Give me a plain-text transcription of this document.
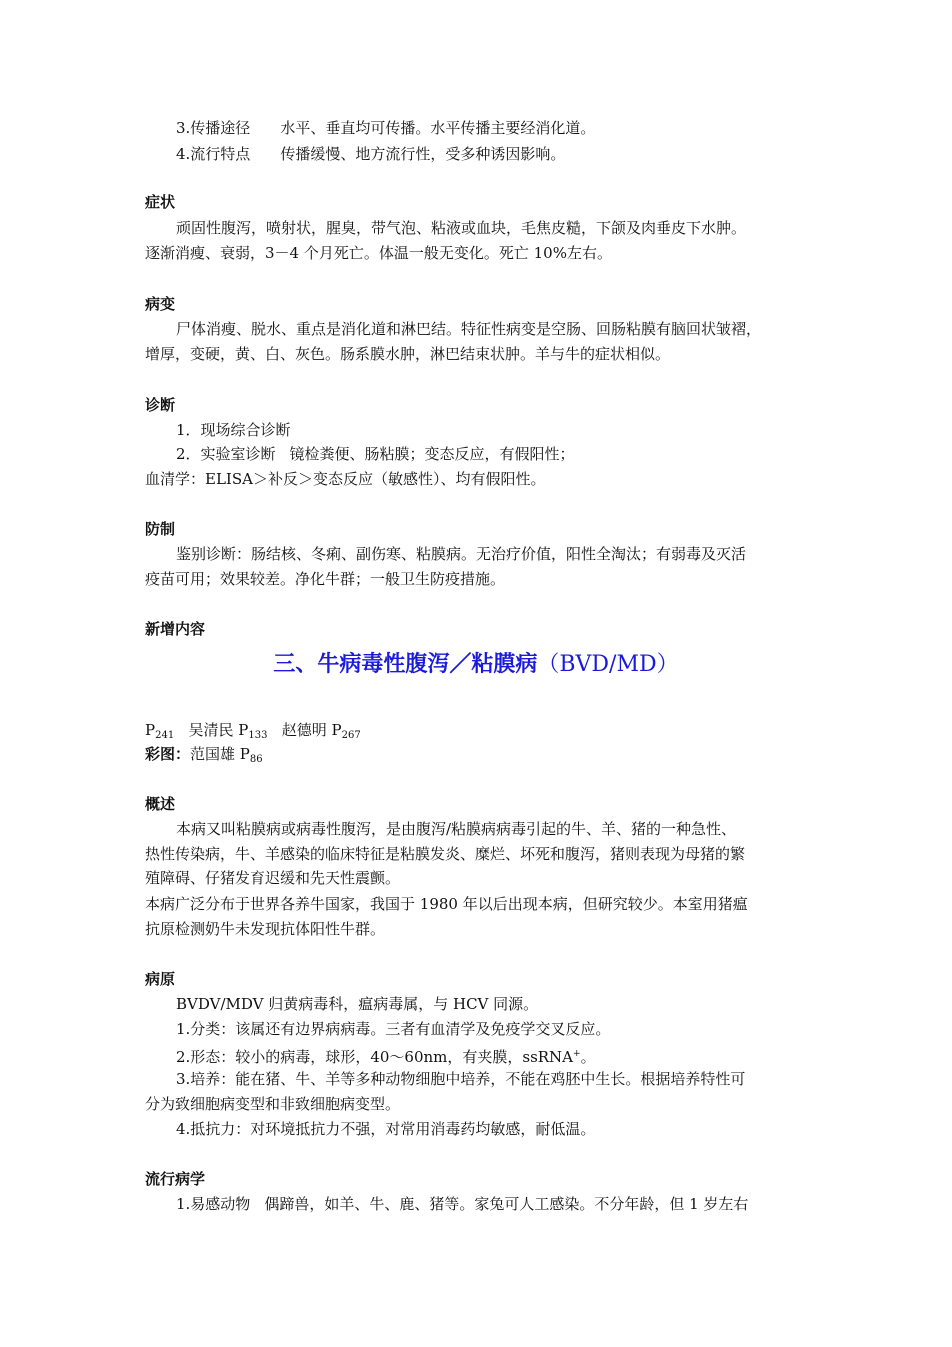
3.传播途径 水平、垂直均可传播。水平传播主要经消化道。
4.流行特点 传播缓慢、地方流行性，受多种诱因影响。
症状
顽固性腹泻，喷射状，腥臭，带气泡、粘液或血块，毛焦皮糙，下颌及肉垂皮下水肿。
逐渐消瘦、衰弱，3－4 个月死亡。体温一般无变化。死亡 10%左右。
病变
尸体消瘦、脱水、重点是消化道和淋巴结。特征性病变是空肠、回肠粘膜有脑回状皱褶，
增厚，变硬，黄、白、灰色。肠系膜水肿，淋巴结束状肿。羊与牛的症状相似。
诊断
1．现场综合诊断
2．实验室诊断 镜检粪便、肠粘膜；变态反应，有假阳性；
血清学：ELISA＞补反＞变态反应（敏感性）、均有假阳性。
防制
鉴别诊断：肠结核、冬痢、副伤寒、粘膜病。无治疗价值，阳性全淘汰；有弱毒及灭活
疫苗可用；效果较差。净化牛群；一般卫生防疫措施。
新增内容
三、牛病毒性腹泻／粘膜病（BVD/MD）
$P_{241}$ 吴清民 $P_{133}$ 赵德明 $P_{267}$
彩图：范国雄 $P_{86}$
概述
本病又叫粘膜病或病毒性腹泻，是由腹泻/粘膜病病毒引起的牛、羊、猪的一种急性、
热性传染病，牛、羊感染的临床特征是粘膜发炎、糜烂、坏死和腹泻，猪则表现为母猪的繁
殖障碍、仔猪发育迟缓和先天性震颤。
本病广泛分布于世界各养牛国家，我国于 1980 年以后出现本病，但研究较少。本室用猪瘟
抗原检测奶牛未发现抗体阳性牛群。
病原
BVDV/MDV 归黄病毒科，瘟病毒属，与 HCV 同源。
1.分类：该属还有边界病病毒。三者有血清学及免疫学交叉反应。
2.形态：较小的病毒，球形，40～60nm，有夹膜，ssRNA+。
3.培养：能在猪、牛、羊等多种动物细胞中培养，不能在鸡胚中生长。根据培养特性可
分为致细胞病变型和非致细胞病变型。
4.抵抗力：对环境抵抗力不强，对常用消毒药均敏感，耐低温。
流行病学
1.易感动物 偶蹄兽，如羊、牛、鹿、猪等。家兔可人工感染。不分年龄，但 1 岁左右
